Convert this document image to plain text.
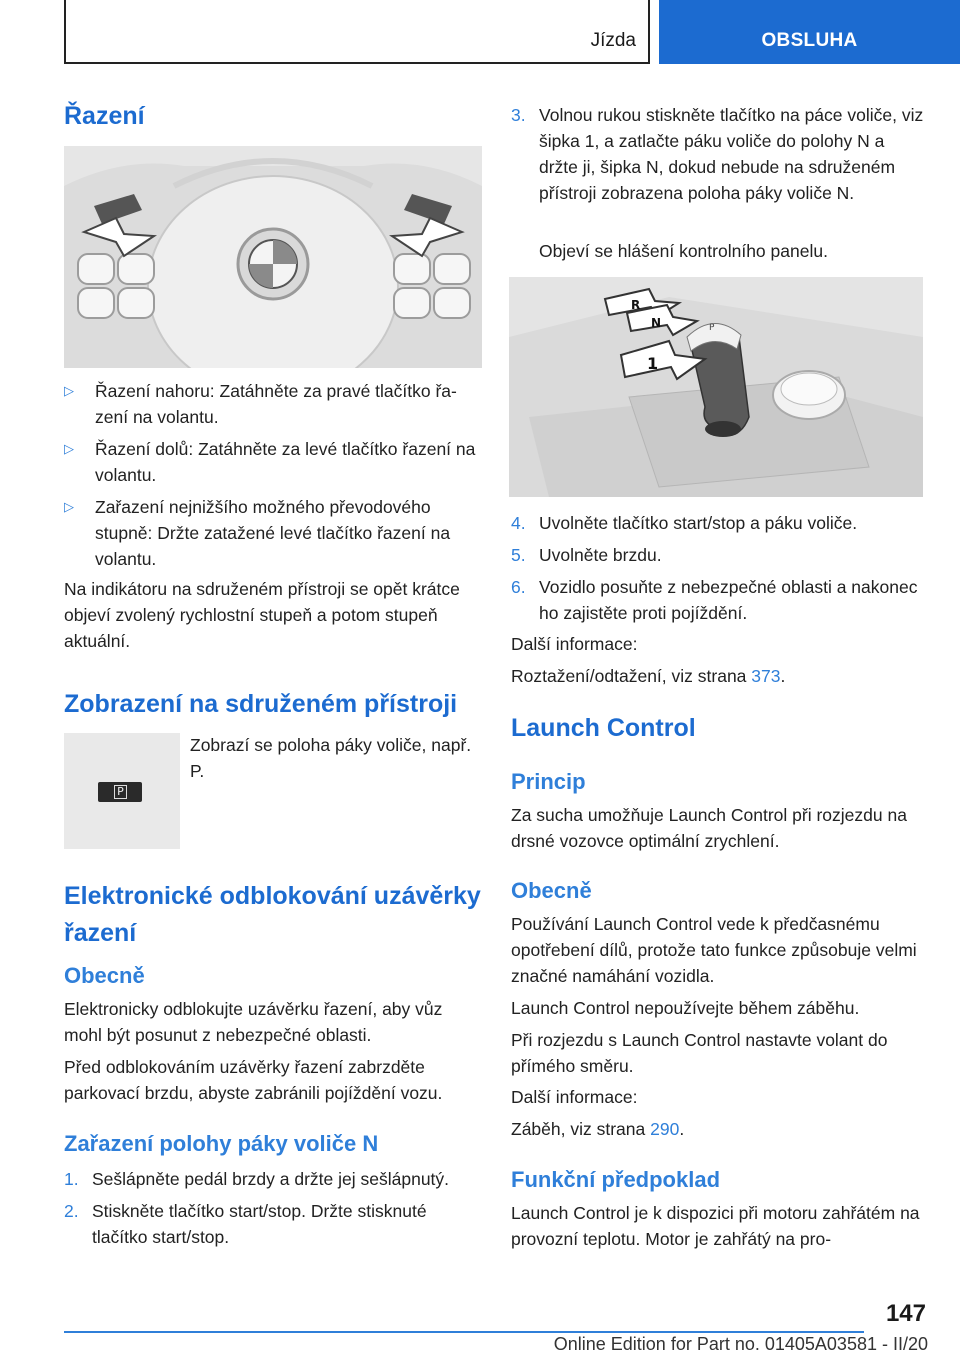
Jízda	OBSLUHA
Řazení
▷	Řazení nahoru: Zatáhněte za pravé tlačítko řazení na volantu.
▷	Řazení dolů: Zatáhněte za levé tlačítko řazení na volantu.
▷	Zařazení nejnižšího možného převodového stupně: Držte zatažené levé tlačítko řazení na volantu.

Na indikátoru na sdruženém přístroji se opět krátce objeví zvolený rychlostní stupeň a potom stupeň aktuální.

Zobrazení na sdruženém přístroji
P

Zobrazí se poloha páky voliče, např. P.

Elektronické odblokování uzávěrky řazení
Obecně

Elektronicky odblokujte uzávěrku řazení, aby vůz mohl být posunut z nebezpečné oblasti.

Před odblokováním uzávěrky řazení zabrzděte parkovací brzdu, abyste zabránili pojíždění vozu.

Zařazení polohy páky voliče N
1. Sešlápněte pedál brzdy a držte jej sešlápnutý.
2. Stiskněte tlačítko start/stop. Držte stisknuté tlačítko start/stop.
3. Volnou rukou stiskněte tlačítko na páce voliče, viz šipka 1, a zatlačte páku voliče do polohy N a držte ji, šipka N, dokud nebude na sdruženém přístroji zobrazena poloha páky voliče N.

Objeví se hlášení kontrolního panelu.

P
R
N
1
4. Uvolněte tlačítko start/stop a páku voliče.
5. Uvolněte brzdu.
6. Vozidlo posuňte z nebezpečné oblasti a nakonec ho zajistěte proti pojíždění.

Další informace:

Roztažení/odtažení, viz strana 373.

Launch Control
Princip

Za sucha umožňuje Launch Control při rozjezdu na drsné vozovce optimální zrychlení.

Obecně

Používání Launch Control vede k předčasnému opotřebení dílů, protože tato funkce způsobuje velmi značné namáhání vozidla.

Launch Control nepoužívejte během záběhu.

Při rozjezdu s Launch Control nastavte volant do přímého směru.

Další informace:

Záběh, viz strana 290.

Funkční předpoklad

Launch Control je k dispozici při motoru zahřátém na provozní teplotu. Motor je zahřátý na pro-

147
Online Edition for Part no. 01405A03581 - II/20
